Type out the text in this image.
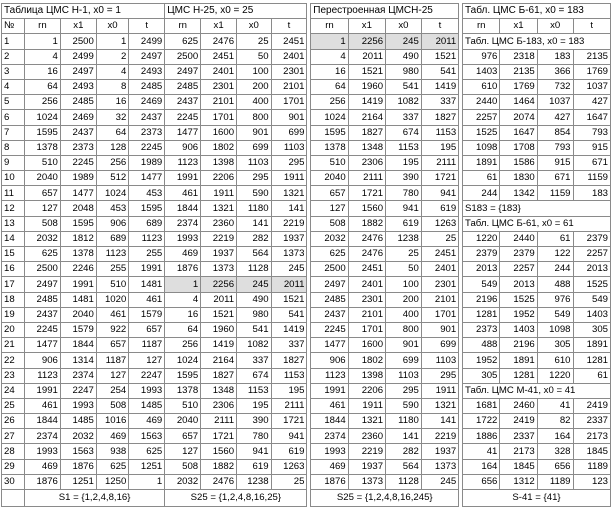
Таблица ЦМС Н-1, x0 = 1					ЦМС Н-25, x0 = 25					Перестроенная ЦМСН-25					Табл. ЦМС Б-61, x0 = 183			
№	rn	x1	x0	t	rn	x1	x0	t		rn	x1	x0	t		rn	x1	x0	t
1	1	2500	1	2499	625	2476	25	2451		1	2256	245	2011		Табл. ЦМС Б-183, x0 = 183			
2	4	2499	2	2497	2500	2451	50	2401		4	2011	490	1521		976	2318	183	2135
3	16	2497	4	2493	2497	2401	100	2301		16	1521	980	541		1403	2135	366	1769
4	64	2493	8	2485	2485	2301	200	2101		64	1960	541	1419		610	1769	732	1037
5	256	2485	16	2469	2437	2101	400	1701		256	1419	1082	337		2440	1464	1037	427
6	1024	2469	32	2437	2245	1701	800	901		1024	2164	337	1827		2257	2074	427	1647
7	1595	2437	64	2373	1477	1600	901	699		1595	1827	674	1153		1525	1647	854	793
8	1378	2373	128	2245	906	1802	699	1103		1378	1348	1153	195		1098	1708	793	915
9	510	2245	256	1989	1123	1398	1103	295		510	2306	195	2111		1891	1586	915	671
10	2040	1989	512	1477	1991	2206	295	1911		2040	2111	390	1721		61	1830	671	1159
11	657	1477	1024	453	461	1911	590	1321		657	1721	780	941		244	1342	1159	183
12	127	2048	453	1595	1844	1321	1180	141		127	1560	941	619		S183 = {183}			
13	508	1595	906	689	2374	2360	141	2219		508	1882	619	1263		Табл. ЦМС Б-61, x0 = 61			
14	2032	1812	689	1123	1993	2219	282	1937		2032	2476	1238	25		1220	2440	61	2379
15	625	1378	1123	255	469	1937	564	1373		625	2476	25	2451		2379	2379	122	2257
16	2500	2246	255	1991	1876	1373	1128	245		2500	2451	50	2401		2013	2257	244	2013
17	2497	1991	510	1481	1	2256	245	2011		2497	2401	100	2301		549	2013	488	1525
18	2485	1481	1020	461	4	2011	490	1521		2485	2301	200	2101		2196	1525	976	549
19	2437	2040	461	1579	16	1521	980	541		2437	2101	400	1701		1281	1952	549	1403
20	2245	1579	922	657	64	1960	541	1419		2245	1701	800	901		2373	1403	1098	305
21	1477	1844	657	1187	256	1419	1082	337		1477	1600	901	699		488	2196	305	1891
22	906	1314	1187	127	1024	2164	337	1827		906	1802	699	1103		1952	1891	610	1281
23	1123	2374	127	2247	1595	1827	674	1153		1123	1398	1103	295		305	1281	1220	61
24	1991	2247	254	1993	1378	1348	1153	195		1991	2206	295	1911		Табл. ЦМС М-41, x0 = 41			
25	461	1993	508	1485	510	2306	195	2111		461	1911	590	1321		1681	2460	41	2419
26	1844	1485	1016	469	2040	2111	390	1721		1844	1321	1180	141		1722	2419	82	2337
27	2374	2032	469	1563	657	1721	780	941		2374	2360	141	2219		1886	2337	164	2173
28	1993	1563	938	625	127	1560	941	619		1993	2219	282	1937		41	2173	328	1845
29	469	1876	625	1251	508	1882	619	1263		469	1937	564	1373		164	1845	656	1189
30	1876	1251	1250	1	2032	2476	1238	25		1876	1373	1128	245		656	1312	1189	123
	S1 = {1,2,4,8,16}				S25 = {1,2,4,8,16,25}					S25 = {1,2,4,8,16,245}					S-41 = {41}			
